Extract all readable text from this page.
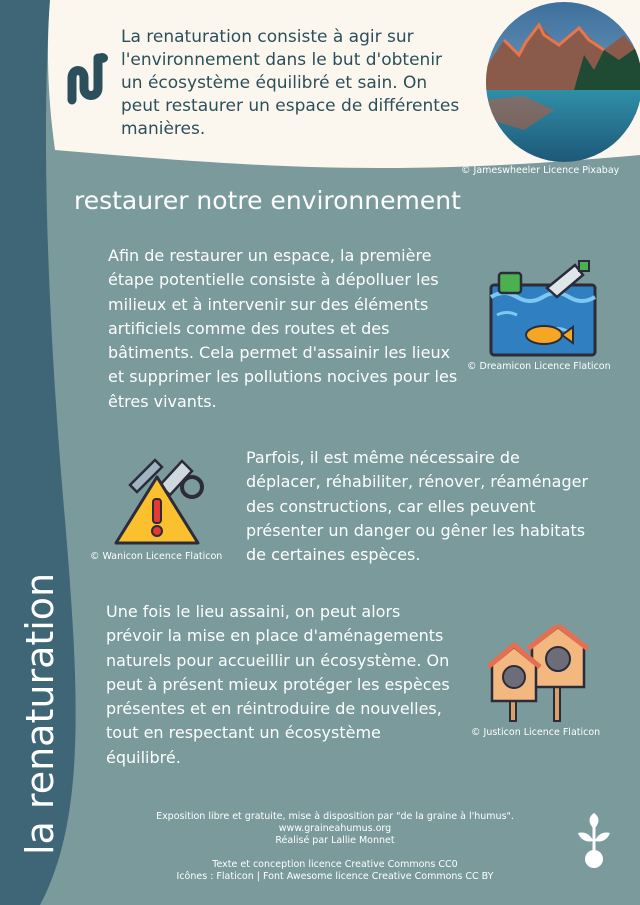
la renaturation
La renaturation consiste à agir sur l'environnement dans le but d'obtenir un écosystème équilibré et sain. On peut restaurer un espace de différentes manières.
© Jameswheeler Licence Pixabay
restaurer notre environnement
Afin de restaurer un espace, la première étape potentielle consiste à dépolluer les milieux et à intervenir sur des éléments artificiels comme des routes et des bâtiments. Cela permet d'assainir les lieux et supprimer les pollutions nocives pour les êtres vivants.
© Dreamicon Licence Flaticon
© Wanicon Licence Flaticon
Parfois, il est même nécessaire de déplacer, réhabiliter, rénover, réaménager des constructions, car elles peuvent présenter un danger ou gêner les habitats de certaines espèces.
Une fois le lieu assaini, on peut alors prévoir la mise en place d'aménagements naturels pour accueillir un écosystème. On peut à présent mieux protéger les espèces présentes et en réintroduire de nouvelles, tout en respectant un écosystème équilibré.
© Justicon Licence Flaticon
Exposition libre et gratuite, mise à disposition par "de la graine à l'humus".
www.graineahumus.org
Réalisé par Lallie Monnet
Texte et conception licence Creative Commons CC0
Icônes : Flaticon | Font Awesome licence Creative Commons CC BY
